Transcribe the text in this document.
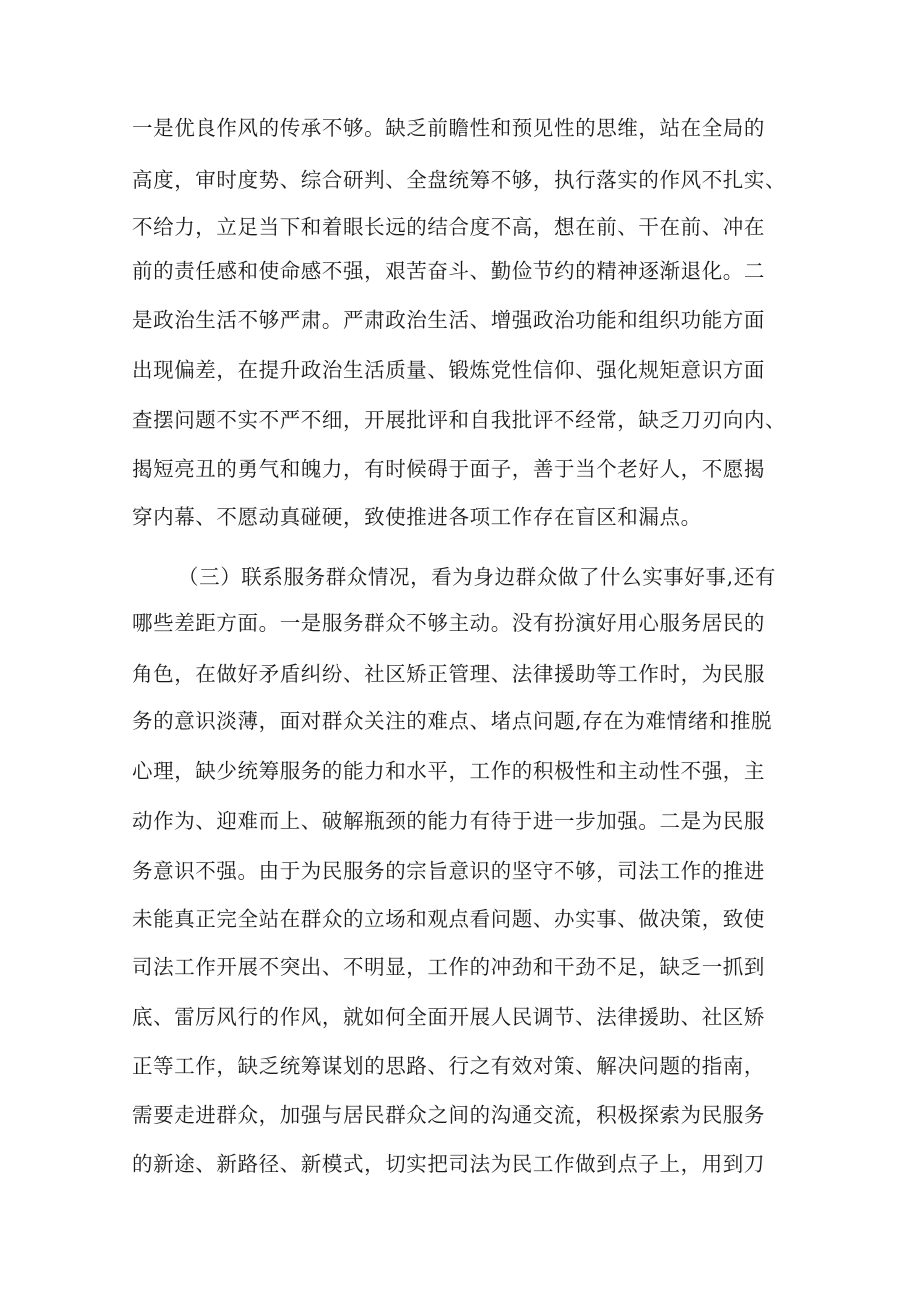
一是优良作风的传承不够。缺乏前瞻性和预见性的思维，站在全局的
高度，审时度势、综合研判、全盘统筹不够，执行落实的作风不扎实、
不给力，立足当下和着眼长远的结合度不高，想在前、干在前、冲在
前的责任感和使命感不强，艰苦奋斗、勤俭节约的精神逐渐退化。二
是政治生活不够严肃。严肃政治生活、增强政治功能和组织功能方面
出现偏差，在提升政治生活质量、锻炼党性信仰、强化规矩意识方面
查摆问题不实不严不细，开展批评和自我批评不经常，缺乏刀刃向内、
揭短亮丑的勇气和魄力，有时候碍于面子，善于当个老好人，不愿揭
穿内幕、不愿动真碰硬，致使推进各项工作存在盲区和漏点。
（三）联系服务群众情况，看为身边群众做了什么实事好事,还有
哪些差距方面。一是服务群众不够主动。没有扮演好用心服务居民的
角色，在做好矛盾纠纷、社区矫正管理、法律援助等工作时，为民服
务的意识淡薄，面对群众关注的难点、堵点问题,存在为难情绪和推脱
心理，缺少统筹服务的能力和水平，工作的积极性和主动性不强，主
动作为、迎难而上、破解瓶颈的能力有待于进一步加强。二是为民服
务意识不强。由于为民服务的宗旨意识的坚守不够，司法工作的推进
未能真正完全站在群众的立场和观点看问题、办实事、做决策，致使
司法工作开展不突出、不明显，工作的冲劲和干劲不足，缺乏一抓到
底、雷厉风行的作风，就如何全面开展人民调节、法律援助、社区矫
正等工作，缺乏统筹谋划的思路、行之有效对策、解决问题的指南，
需要走进群众，加强与居民群众之间的沟通交流，积极探索为民服务
的新途、新路径、新模式，切实把司法为民工作做到点子上，用到刀
